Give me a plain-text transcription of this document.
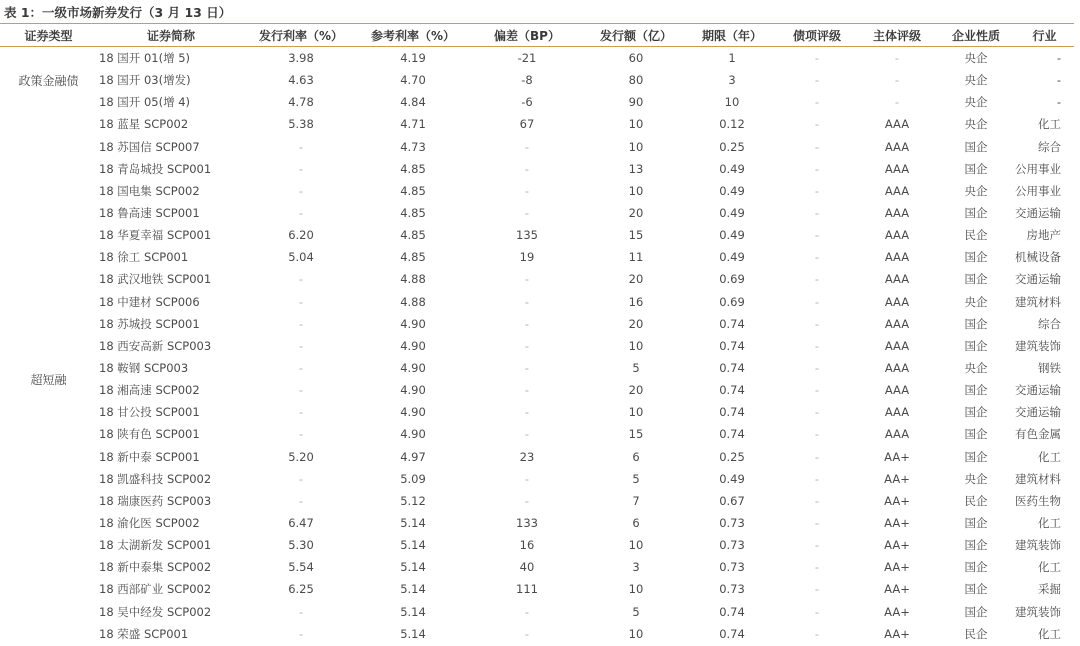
表 1：一级市场新券发行（3 月 13 日）
证券类型	证券简称	发行利率（%）	参考利率（%）	偏差（BP）	发行额（亿）	期限（年）	债项评级	主体评级	企业性质	行业
政策金融债	18 国开 01(增 5)	3.98	4.19	-21	60	1	-	-	央企	-
	18 国开 03(增发)	4.63	4.70	-8	80	3	-	-	央企	-
	18 国开 05(增 4)	4.78	4.84	-6	90	10	-	-	央企	-
超短融	18 蓝星 SCP002	5.38	4.71	67	10	0.12	-	AAA	央企	化工
	18 苏国信 SCP007	-	4.73	-	10	0.25	-	AAA	国企	综合
	18 青岛城投 SCP001	-	4.85	-	13	0.49	-	AAA	国企	公用事业
	18 国电集 SCP002	-	4.85	-	10	0.49	-	AAA	央企	公用事业
	18 鲁高速 SCP001	-	4.85	-	20	0.49	-	AAA	国企	交通运输
	18 华夏幸福 SCP001	6.20	4.85	135	15	0.49	-	AAA	民企	房地产
	18 徐工 SCP001	5.04	4.85	19	11	0.49	-	AAA	国企	机械设备
	18 武汉地铁 SCP001	-	4.88	-	20	0.69	-	AAA	国企	交通运输
	18 中建材 SCP006	-	4.88	-	16	0.69	-	AAA	央企	建筑材料
	18 苏城投 SCP001	-	4.90	-	20	0.74	-	AAA	国企	综合
	18 西安高新 SCP003	-	4.90	-	10	0.74	-	AAA	国企	建筑装饰
	18 鞍钢 SCP003	-	4.90	-	5	0.74	-	AAA	央企	钢铁
	18 湘高速 SCP002	-	4.90	-	20	0.74	-	AAA	国企	交通运输
	18 甘公投 SCP001	-	4.90	-	10	0.74	-	AAA	国企	交通运输
	18 陕有色 SCP001	-	4.90	-	15	0.74	-	AAA	国企	有色金属
	18 新中泰 SCP001	5.20	4.97	23	6	0.25	-	AA+	国企	化工
	18 凯盛科技 SCP002	-	5.09	-	5	0.49	-	AA+	央企	建筑材料
	18 瑞康医药 SCP003	-	5.12	-	7	0.67	-	AA+	民企	医药生物
	18 渝化医 SCP002	6.47	5.14	133	6	0.73	-	AA+	国企	化工
	18 太湖新发 SCP001	5.30	5.14	16	10	0.73	-	AA+	国企	建筑装饰
	18 新中泰集 SCP002	5.54	5.14	40	3	0.73	-	AA+	国企	化工
	18 西部矿业 SCP002	6.25	5.14	111	10	0.73	-	AA+	国企	采掘
	18 吴中经发 SCP002	-	5.14	-	5	0.74	-	AA+	国企	建筑装饰
	18 荣盛 SCP001	-	5.14	-	10	0.74	-	AA+	民企	化工
